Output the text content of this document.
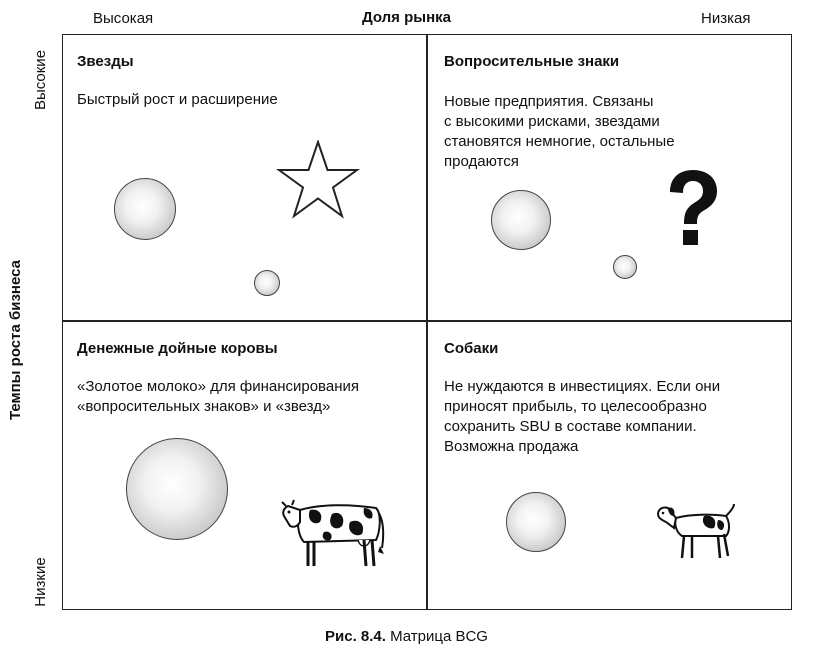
Высокая	Доля рынка	Низкая
Высокие
Темпы роста бизнеса
Низкие
Звезды
Быстрый рост и расширение
Вопросительные знаки
Новые предприятия. Связаны
с высокими рисками, звездами
становятся немногие, остальные
продаются
Денежные дойные коровы
«Золотое молоко» для финансирования
«вопросительных знаков» и «звезд»
Собаки
Не нуждаются в инвестициях. Если они
приносят прибыль, то целесообразно
сохранить SBU в составе компании.
Возможна продажа
Рис. 8.4. Матрица BCG
